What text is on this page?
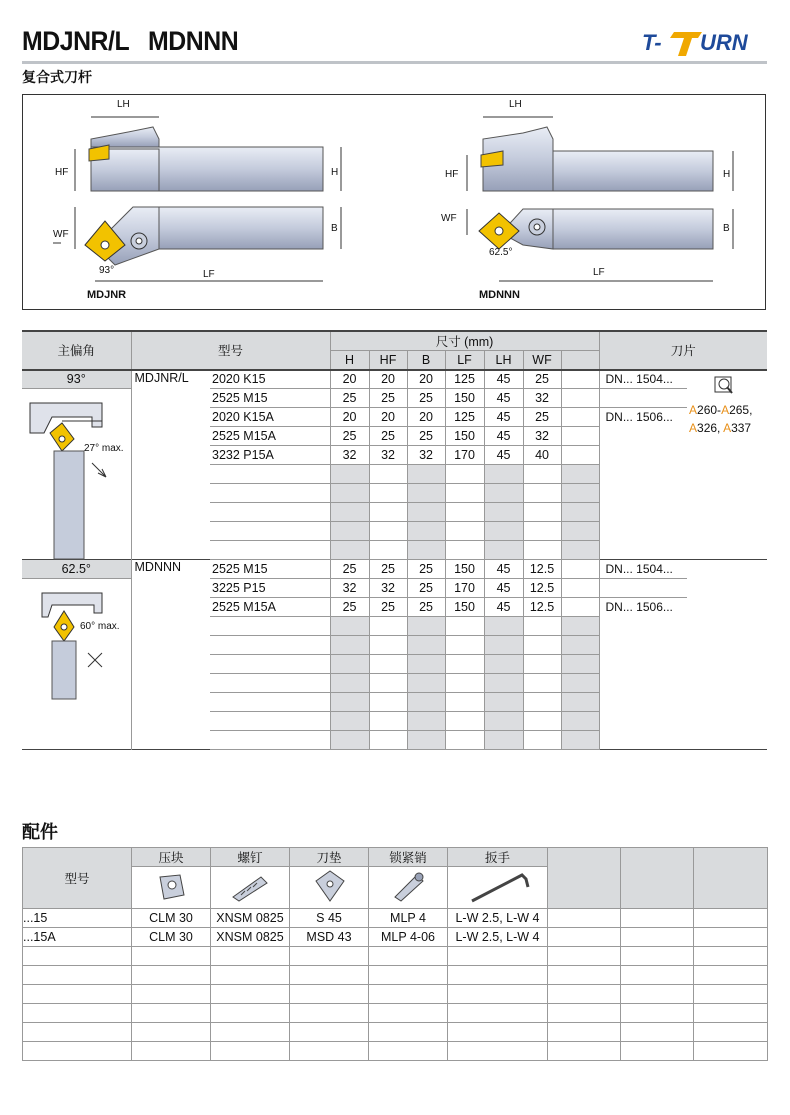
MDJNR/L   MDNNN	T- URN
复合式刀杆
LH
HF	H
WF
B
LF
93°
MDJNR
LH
HF	H
WF
B
LF
62.5°
MDNNN
主偏角	型号		尺寸 (mm)							刀片	
			H	HF	B	LF	LH	WF			
93°	MDJNR/L	2020 K15	20	20	20	125	45	25		DN... 1504...	A260-A265,
A326, A337

27° max.		2525 M15	25	25	25	150	45	32			
		2020 K15A	20	20	20	125	45	25		DN... 1506...	
		2525 M15A	25	25	25	150	45	32			
		3232 P15A	32	32	32	170	45	40			

62.5°	MDNNN	2525 M15	25	25	25	150	45	12.5		DN... 1504...	

60° max.		3225 P15	32	32	25	170	45	12.5			
		2525 M15A	25	25	25	150	45	12.5		DN... 1506...	

配件
型号	压块	螺钉	刀垫	锁紧销	扳手			

...15	CLM 30	XNSM 0825	S 45	MLP 4	L-W 2.5, L-W 4			
...15A	CLM 30	XNSM 0825	MSD 43	MLP 4-06	L-W 2.5, L-W 4			
